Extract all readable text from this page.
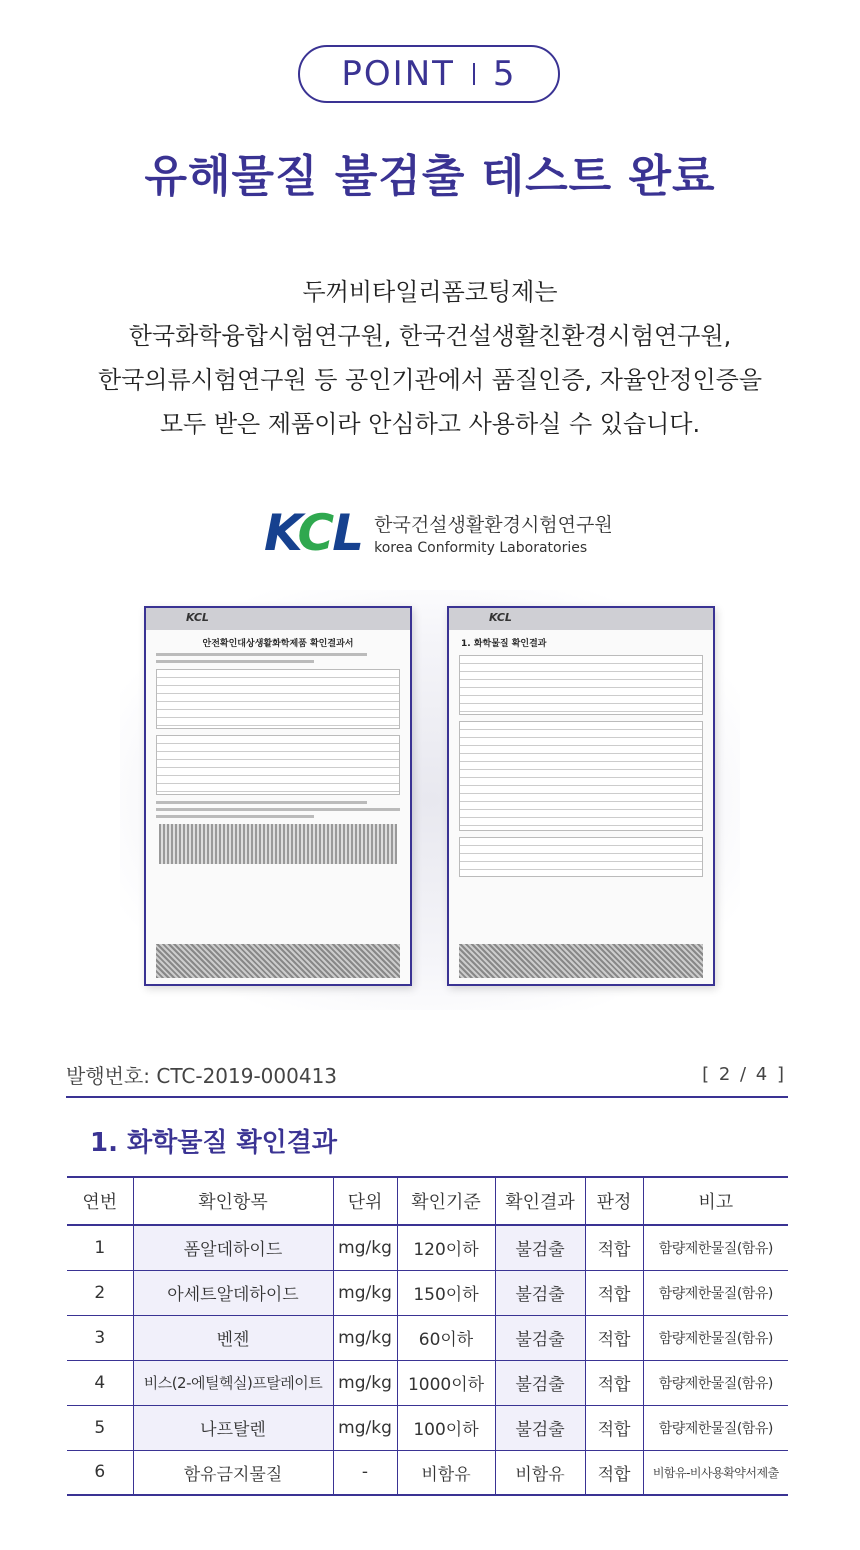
POINT 5
유해물질 불검출 테스트 완료
두꺼비타일리폼코팅제는
한국화학융합시험연구원, 한국건설생활친환경시험연구원,
한국의류시험연구원 등 공인기관에서 품질인증, 자율안정인증을
모두 받은 제품이라 안심하고 사용하실 수 있습니다.
KCL 한국건설생활환경시험연구원
korea Conformity Laboratories
KCL
안전확인대상생활화학제품 확인결과서
KCL
1. 화학물질 확인결과
발행번호: CTC-2019-000413	[ 2 / 4 ]
1. 화학물질 확인결과
연번	확인항목	단위	확인기준	확인결과	판정	비고
1	폼알데하이드	mg/kg	120이하	불검출	적합	함량제한물질(함유)
2	아세트알데하이드	mg/kg	150이하	불검출	적합	함량제한물질(함유)
3	벤젠	mg/kg	60이하	불검출	적합	함량제한물질(함유)
4	비스(2-에틸헥실)프탈레이트	mg/kg	1000이하	불검출	적합	함량제한물질(함유)
5	나프탈렌	mg/kg	100이하	불검출	적합	함량제한물질(함유)
6	함유금지물질	-	비함유	비함유	적합	비함유-비사용확약서제출
